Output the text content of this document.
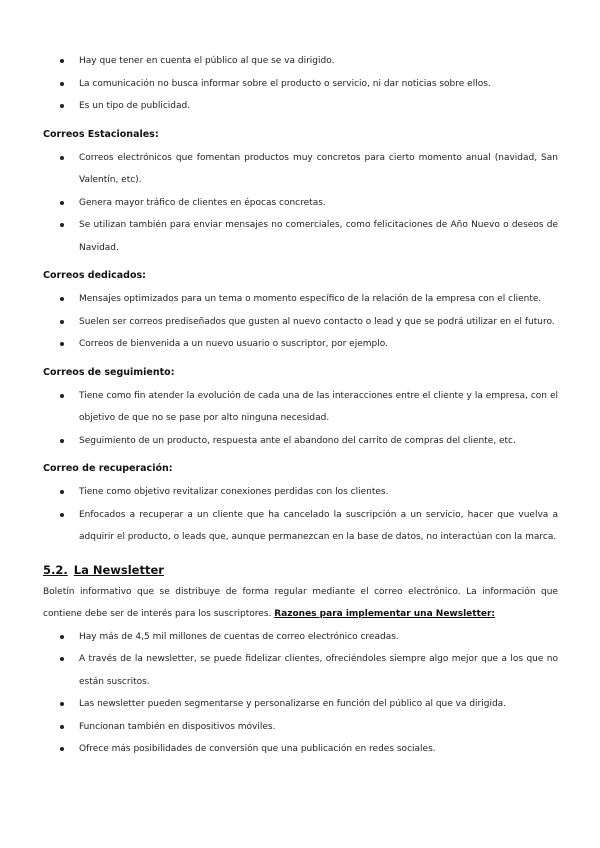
Hay que tener en cuenta el público al que se va dirigido.
La comunicación no busca informar sobre el producto o servicio, ni dar noticias sobre ellos.
Es un tipo de publicidad.
Correos Estacionales:
Correos electrónicos que fomentan productos muy concretos para cierto momento anual (navidad, San Valentín, etc).
Genera mayor tráfico de clientes en épocas concretas.
Se utilizan también para enviar mensajes no comerciales, como felicitaciones de Año Nuevo o deseos de Navidad.
Correos dedicados:
Mensajes optimizados para un tema o momento específico de la relación de la empresa con el cliente.
Suelen ser correos prediseñados que gusten al nuevo contacto o lead y que se podrá utilizar en el futuro.
Correos de bienvenida a un nuevo usuario o suscriptor, por ejemplo.
Correos de seguimiento:
Tiene como fin atender la evolución de cada una de las interacciones entre el cliente y la empresa, con el objetivo de que no se pase por alto ninguna necesidad.
Seguimiento de un producto, respuesta ante el abandono del carrito de compras del cliente, etc.
Correo de recuperación:
Tiene como objetivo revitalizar conexiones perdidas con los clientes.
Enfocados a recuperar a un cliente que ha cancelado la suscripción a un servicio, hacer que vuelva a adquirir el producto, o leads que, aunque permanezcan en la base de datos, no interactúan con la marca.
5.2. La Newsletter

Boletín informativo que se distribuye de forma regular mediante el correo electrónico. La información que contiene debe ser de interés para los suscriptores. Razones para implementar una Newsletter:

Hay más de 4,5 mil millones de cuentas de correo electrónico creadas.
A través de la newsletter, se puede fidelizar clientes, ofreciéndoles siempre algo mejor que a los que no están suscritos.
Las newsletter pueden segmentarse y personalizarse en función del público al que va dirigida.
Funcionan también en dispositivos móviles.
Ofrece más posibilidades de conversión que una publicación en redes sociales.
